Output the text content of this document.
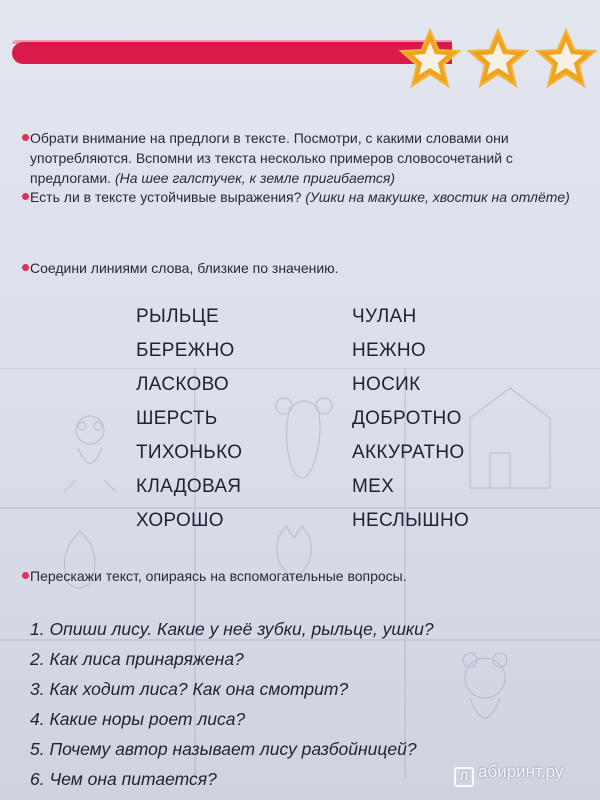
Обрати внимание на предлоги в тексте. Посмотри, с какими словами они употребляются. Вспомни из текста несколько примеров словосочетаний с предлогами. (На шее галстучек, к земле пригибается)
Есть ли в тексте устойчивые выражения? (Ушки на макушке, хвостик на отлёте)
Соедини линиями слова, близкие по значению.
РЫЛЬЦЕ
БЕРЕЖНО
ЛАСКОВО
ШЕРСТЬ
ТИХОНЬКО
КЛАДОВАЯ
ХОРОШО
ЧУЛАН
НЕЖНО
НОСИК
ДОБРОТНО
АККУРАТНО
МЕХ
НЕСЛЫШНО
Перескажи текст, опираясь на вспомогательные вопросы.
1. Опиши лису. Какие у неё зубки, рыльце, ушки?
2. Как лиса принаряжена?
3. Как ходит лиса? Как она смотрит?
4. Какие норы роет лиса?
5. Почему автор называет лису разбойницей?
6. Чем она питается?	Л абиринт.ру
